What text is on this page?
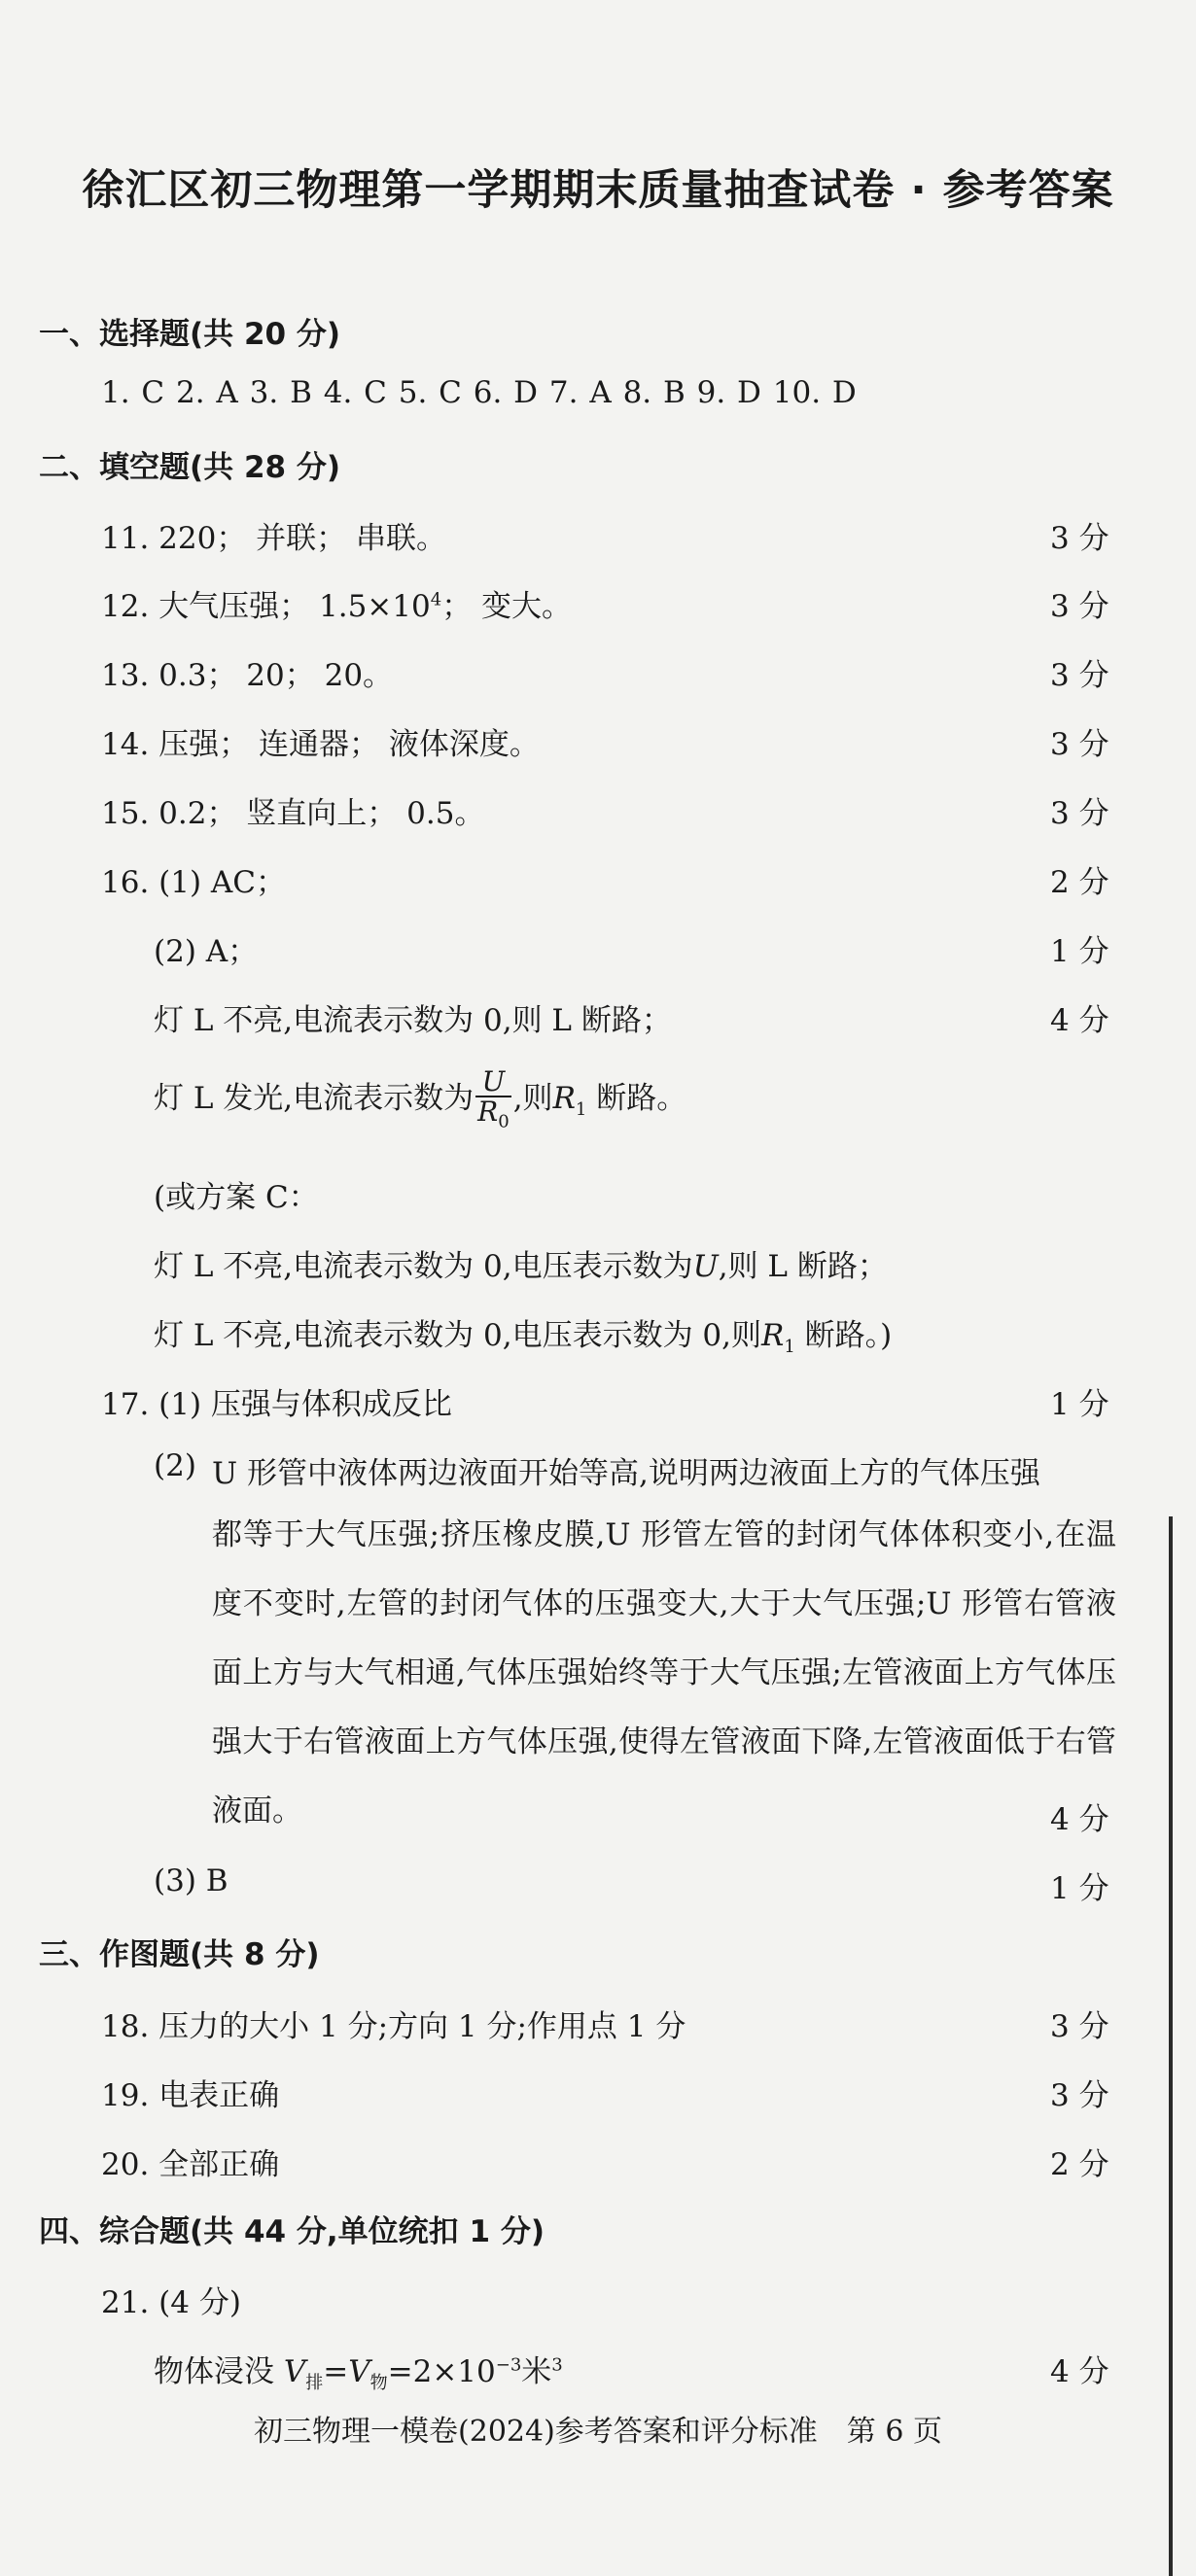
徐汇区初三物理第一学期期末质量抽查试卷 · 参考答案
一、选择题(共 20 分)
1. C 2. A 3. B 4. C 5. C 6. D 7. A 8. B 9. D 10. D
二、填空题(共 28 分)
11. 220； 并联； 串联。	3 分
12. 大气压强； $1.5\times 10^4$； 变大。	3 分
13. 0.3； 20； 20。	3 分
14. 压强； 连通器； 液体深度。	3 分
15. 0.2； 竖直向上； 0.5。	3 分
16. (1) AC；	2 分
(2) A；	1 分
灯 L 不亮,电流表示数为 0,则 L 断路；	4 分
灯 L 发光,电流表示数为 $\frac{U}{R_0}$ ,则$R_1$ 断路。
(或方案 C：
灯 L 不亮,电流表示数为 0,电压表示数为U,则 L 断路；
灯 L 不亮,电流表示数为 0,电压表示数为 0,则$R_1$ 断路。)
17. (1) 压强与体积成反比	1 分
(2) U 形管中液体两边液面开始等高,说明两边液面上方的气体压强
都等于大气压强;挤压橡皮膜,U 形管左管的封闭气体体积变小,在温度不变时,左管的封闭气体的压强变大,大于大气压强;U 形管右管液面上方与大气相通,气体压强始终等于大气压强;左管液面上方气体压强大于右管液面上方气体压强,使得左管液面下降,左管液面低于右管液面。	4 分
(3) B	1 分
三、作图题(共 8 分)
18. 压力的大小 1 分;方向 1 分;作用点 1 分	3 分
19. 电表正确	3 分
20. 全部正确	2 分
四、综合题(共 44 分,单位统扣 1 分)
21. (4 分)
物体浸没 $V_排=V_物=2\times 10^{-3}$米$^3$	4 分
初三物理一模卷(2024)参考答案和评分标准　第 6 页
